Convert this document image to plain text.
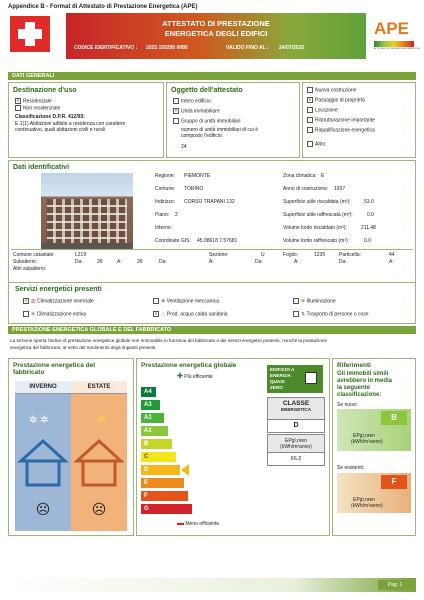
Appendice B - Format di Attestato di Prestazione Energetica (APE)
ATTESTATO DI PRESTAZIONE
ENERGETICA DEGLI EDIFICI
CODICE IDENTIFICATIVO : 2025 105295 0080	VALIDO FINO AL : 24/07/2035
APE
ATTESTATO DI PRESTAZIONE ENERGETICA
DATI GENERALI
Destinazione d'uso
× Residenziale
Non residenziale
Classificazione D.P.R. 412/93:
E.1(1) Abitazioni adibite a residenza con carattere
continuativo, quali abitazioni civili e rurali
Oggetto dell'attestato
Intero edificio
× Unità immobiliare
Gruppo di unità immobiliari
numero di unità immobiliari di cui è
composto l'edificio:
24
Nuova costruzione
× Passaggio di proprietà
Locazione
Ristrutturazione importante
Riqualificazione energetica
Altro:
Dati identificativi
Regione: PIEMONTE
Comune: TORINO
Indirizzo: CORSO TRAPANI 132
Piano: 2
Interno:
Coordinate GIS: 45.08618 7.57681
Zona climatica: E
Anno di costruzione: 1937
Superficie utile riscaldata (m²):	53.0
Superficie utile raffrescata (m²):	0.0
Volume lordo riscaldato (m³):	211.48
Volume lordo raffrescato (m³):	0.0
Comune catastale:	L219	Sezione:	U	Foglio:	1235	Particella:	44
Subalterni:	Da:	26	A:	26	Da:	A:	Da:	A:	Da:	A:
Altri subalterni:
Servizi energetici presenti
× ▥ Climatizzazione invernale
❄ Climatizzazione estiva
✻ Ventilazione meccanica
× ♨ Prod. acqua calda sanitaria
✺ Illuminazione
⇅ Trasporto di persone o cose
PRESTAZIONE ENERGETICA GLOBALE E DEL FABBRICATO
La sezione riporta l'indice di prestazione energetica globale non rinnovabile in funzione del fabbricato e dei servizi energetici presenti, nonché la prestazione
energetica del fabbricato, al netto del rendimento degli impianti presenti.
Prestazione energetica del
fabbricato
INVERNO	ESTATE
✲ ✲	☀
☹	☹
Prestazione energetica globale
✚ Più efficiente
A4
A3
A2
A1
B
C
D
E
F
G
▬ Meno efficiente
EDIFICIO A
ENERGIA
QUASI
ZERO
CLASSE
ENERGETICA
D
EPgl,nren
(kWh/m²anno)
66.2
Riferimenti
Gli immobili simili
avrebbero in media
la seguente
classificazione:
Se nuovi:
B
EPgl,nren
(kWh/m²anno)
Se esistenti:
F
EPgl,nren
(kWh/m²anno)
Pag. 1
